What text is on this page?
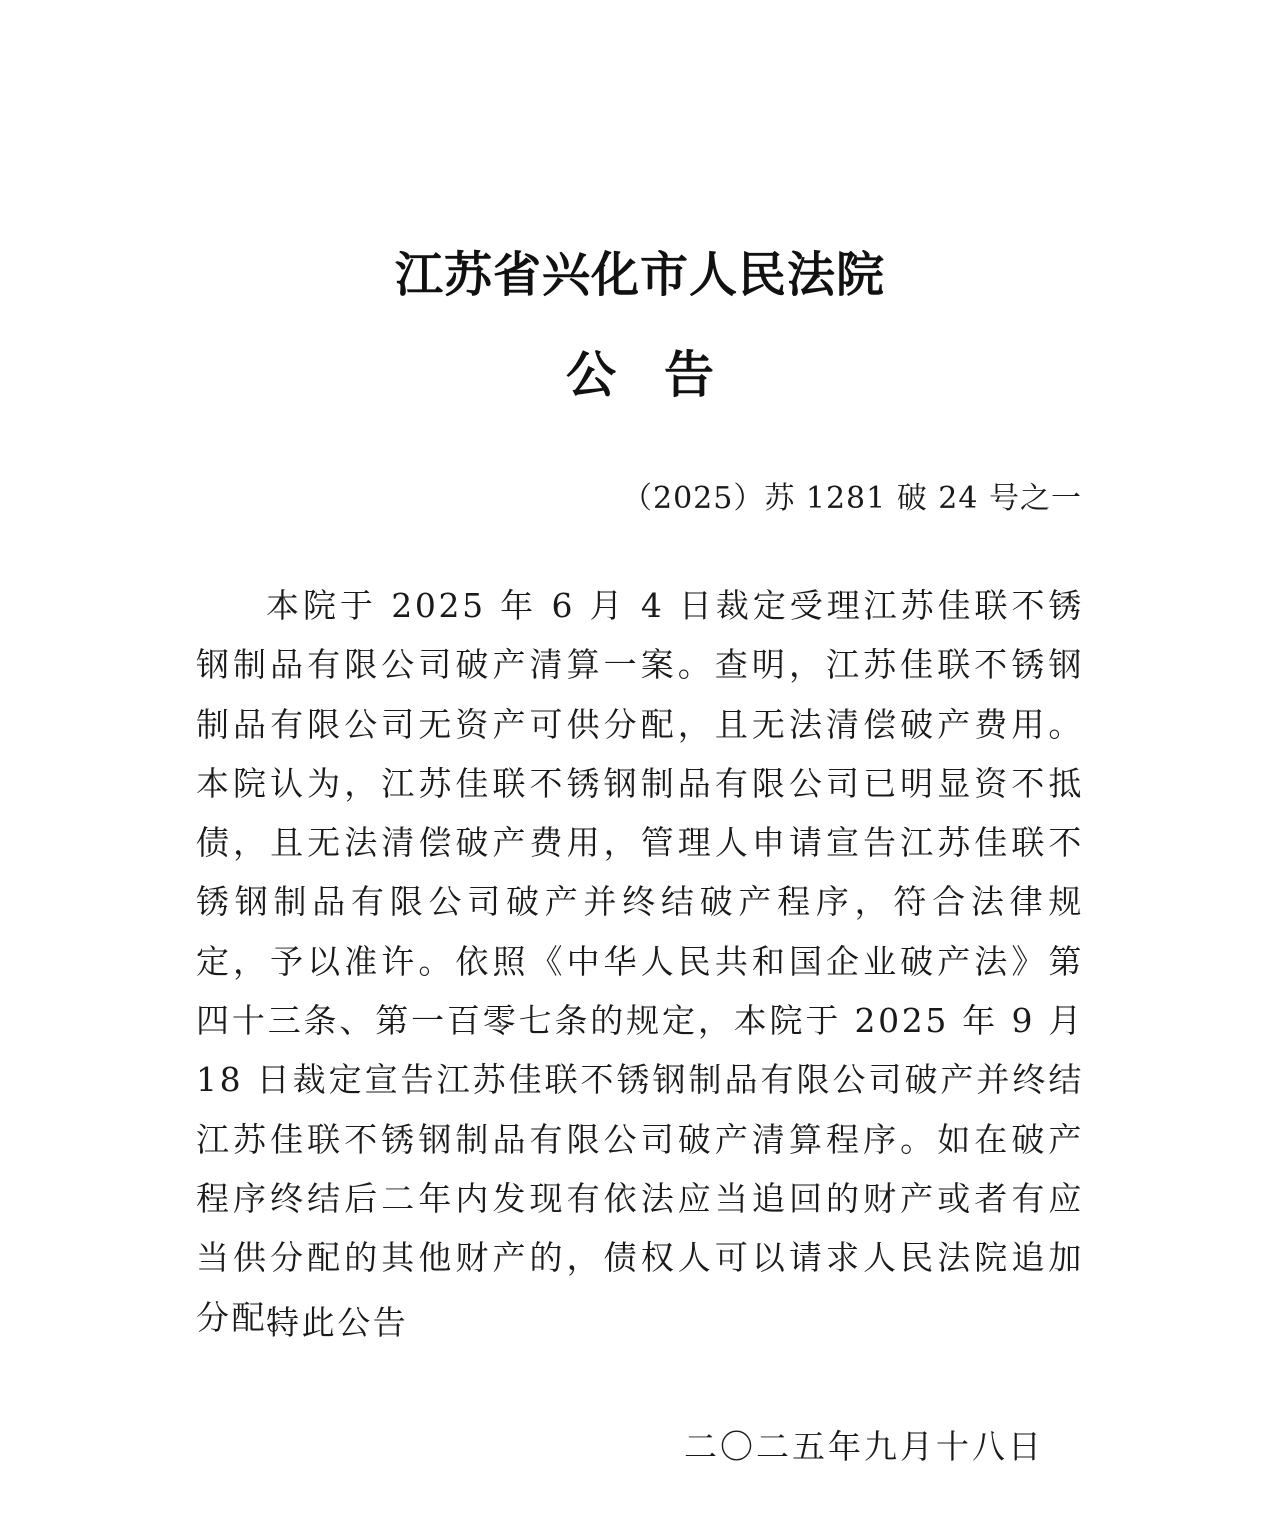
江苏省兴化市人民法院
公告
（2025）苏 1281 破 24 号之一
本院于 2025 年 6 月 4 日裁定受理江苏佳联不锈钢制品有限公司破产清算一案。查明，江苏佳联不锈钢制品有限公司无资产可供分配，且无法清偿破产费用。本院认为，江苏佳联不锈钢制品有限公司已明显资不抵债，且无法清偿破产费用，管理人申请宣告江苏佳联不锈钢制品有限公司破产并终结破产程序，符合法律规定，予以准许。依照《中华人民共和国企业破产法》第四十三条、第一百零七条的规定，本院于 2025 年 9 月 18 日裁定宣告江苏佳联不锈钢制品有限公司破产并终结江苏佳联不锈钢制品有限公司破产清算程序。如在破产程序终结后二年内发现有依法应当追回的财产或者有应当供分配的其他财产的，债权人可以请求人民法院追加分配。
特此公告
二〇二五年九月十八日
